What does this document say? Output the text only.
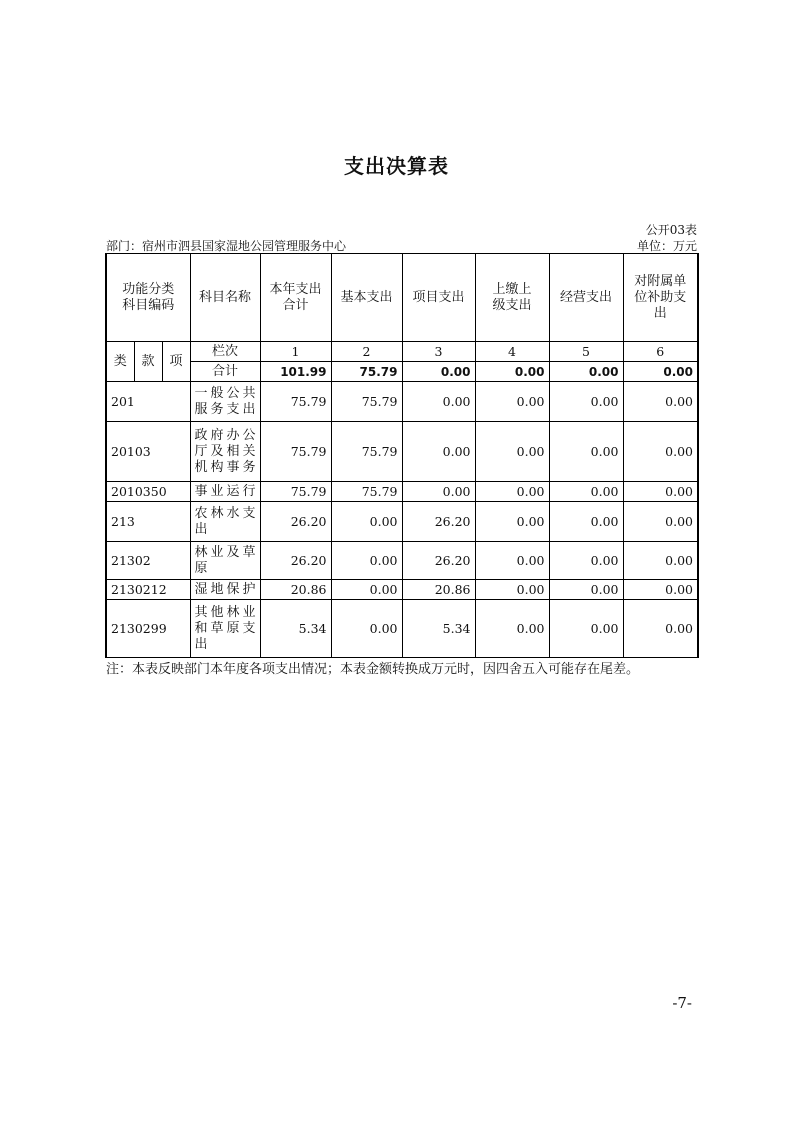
支出决算表
公开03表
部门：宿州市泗县国家湿地公园管理服务中心	单位：万元
功能分类科目编码			科目名称	本年支出合计	基本支出	项目支出	上缴上级支出	经营支出	对附属单位补助支出
类	款	项	栏次	1	2	3	4	5	6
			合计	101.99	75.79	0.00	0.00	0.00	0.00
201			一般公共服务支出	75.79	75.79	0.00	0.00	0.00	0.00
20103			政府办公厅及相关机构事务	75.79	75.79	0.00	0.00	0.00	0.00
2010350			事业运行	75.79	75.79	0.00	0.00	0.00	0.00
213			农林水支出	26.20	0.00	26.20	0.00	0.00	0.00
21302			林业及草原	26.20	0.00	26.20	0.00	0.00	0.00
2130212			湿地保护	20.86	0.00	20.86	0.00	0.00	0.00
2130299			其他林业和草原支出	5.34	0.00	5.34	0.00	0.00	0.00
注：本表反映部门本年度各项支出情况；本表金额转换成万元时，因四舍五入可能存在尾差。
-7-
